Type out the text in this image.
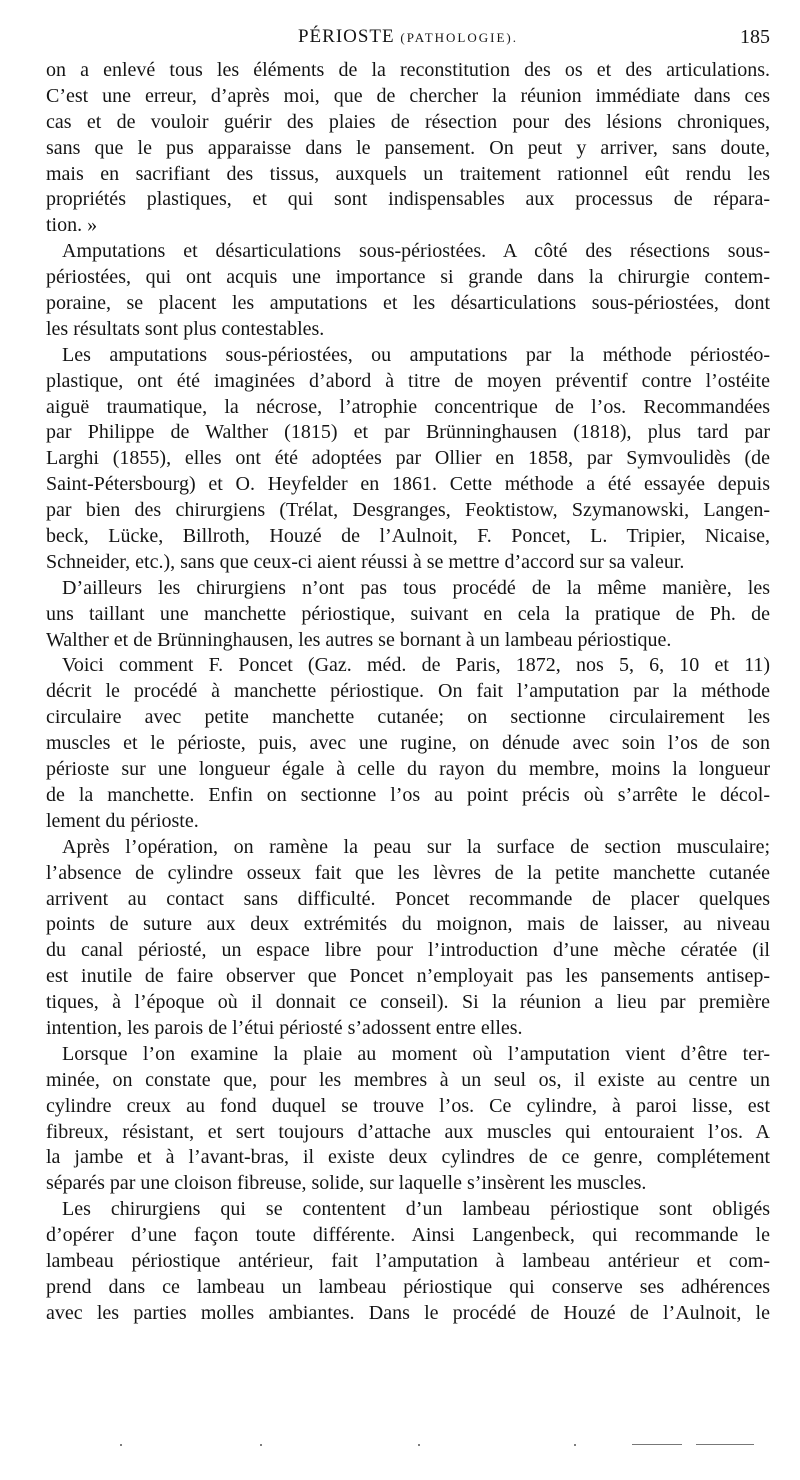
PÉRIOSTE (PATHOLOGIE).	185
on a enlevé tous les éléments de la reconstitution des os et des articulations.
C’est une erreur, d’après moi, que de chercher la réunion immédiate dans ces
cas et de vouloir guérir des plaies de résection pour des lésions chroniques,
sans que le pus apparaisse dans le pansement. On peut y arriver, sans doute,
mais en sacrifiant des tissus, auxquels un traitement rationnel eût rendu les
propriétés plastiques, et qui sont indispensables aux processus de répara-
tion. »
Amputations et désarticulations sous-périostées. A côté des résections sous-
périostées, qui ont acquis une importance si grande dans la chirurgie contem-
poraine, se placent les amputations et les désarticulations sous-périostées, dont
les résultats sont plus contestables.
Les amputations sous-périostées, ou amputations par la méthode périostéo-
plastique, ont été imaginées d’abord à titre de moyen préventif contre l’ostéite
aiguë traumatique, la nécrose, l’atrophie concentrique de l’os. Recommandées
par Philippe de Walther (1815) et par Brünninghausen (1818), plus tard par
Larghi (1855), elles ont été adoptées par Ollier en 1858, par Symvoulidès (de
Saint-Pétersbourg) et O. Heyfelder en 1861. Cette méthode a été essayée depuis
par bien des chirurgiens (Trélat, Desgranges, Feoktistow, Szymanowski, Langen-
beck, Lücke, Billroth, Houzé de l’Aulnoit, F. Poncet, L. Tripier, Nicaise,
Schneider, etc.), sans que ceux-ci aient réussi à se mettre d’accord sur sa valeur.
D’ailleurs les chirurgiens n’ont pas tous procédé de la même manière, les
uns taillant une manchette périostique, suivant en cela la pratique de Ph. de
Walther et de Brünninghausen, les autres se bornant à un lambeau périostique.
Voici comment F. Poncet (Gaz. méd. de Paris, 1872, nos 5, 6, 10 et 11)
décrit le procédé à manchette périostique. On fait l’amputation par la méthode
circulaire avec petite manchette cutanée; on sectionne circulairement les
muscles et le périoste, puis, avec une rugine, on dénude avec soin l’os de son
périoste sur une longueur égale à celle du rayon du membre, moins la longueur
de la manchette. Enfin on sectionne l’os au point précis où s’arrête le décol-
lement du périoste.
Après l’opération, on ramène la peau sur la surface de section musculaire;
l’absence de cylindre osseux fait que les lèvres de la petite manchette cutanée
arrivent au contact sans difficulté. Poncet recommande de placer quelques
points de suture aux deux extrémités du moignon, mais de laisser, au niveau
du canal périosté, un espace libre pour l’introduction d’une mèche cératée (il
est inutile de faire observer que Poncet n’employait pas les pansements antisep-
tiques, à l’époque où il donnait ce conseil). Si la réunion a lieu par première
intention, les parois de l’étui périosté s’adossent entre elles.
Lorsque l’on examine la plaie au moment où l’amputation vient d’être ter-
minée, on constate que, pour les membres à un seul os, il existe au centre un
cylindre creux au fond duquel se trouve l’os. Ce cylindre, à paroi lisse, est
fibreux, résistant, et sert toujours d’attache aux muscles qui entouraient l’os. A
la jambe et à l’avant-bras, il existe deux cylindres de ce genre, complétement
séparés par une cloison fibreuse, solide, sur laquelle s’insèrent les muscles.
Les chirurgiens qui se contentent d’un lambeau périostique sont obligés
d’opérer d’une façon toute différente. Ainsi Langenbeck, qui recommande le
lambeau périostique antérieur, fait l’amputation à lambeau antérieur et com-
prend dans ce lambeau un lambeau périostique qui conserve ses adhérences
avec les parties molles ambiantes. Dans le procédé de Houzé de l’Aulnoit, le
